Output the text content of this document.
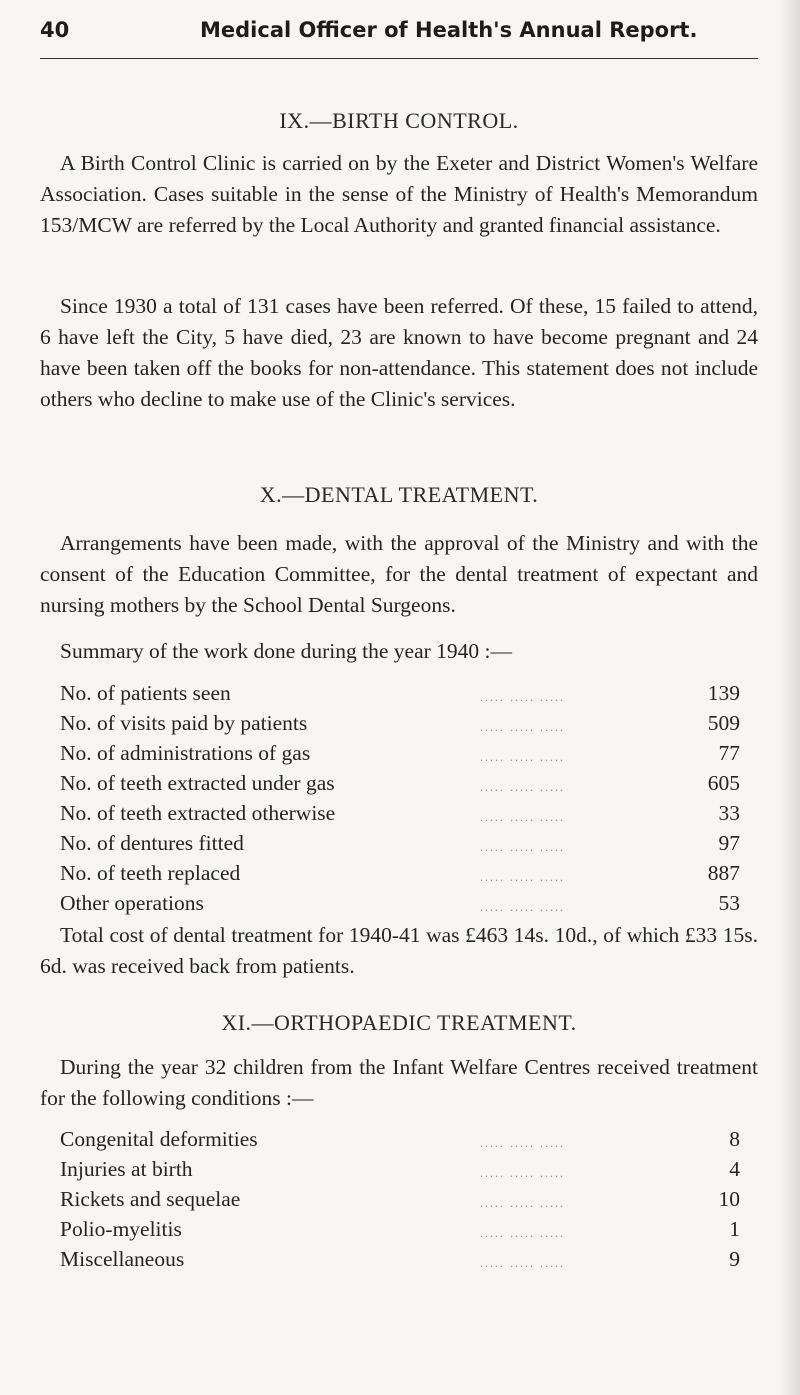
40	Medical Officer of Health's Annual Report.
IX.—BIRTH CONTROL.
A Birth Control Clinic is carried on by the Exeter and District Women's Welfare Association. Cases suitable in the sense of the Ministry of Health's Memorandum 153/MCW are referred by the Local Authority and granted financial assistance.
Since 1930 a total of 131 cases have been referred. Of these, 15 failed to attend, 6 have left the City, 5 have died, 23 are known to have become pregnant and 24 have been taken off the books for non-attendance. This statement does not include others who decline to make use of the Clinic's services.
X.—DENTAL TREATMENT.
Arrangements have been made, with the approval of the Ministry and with the consent of the Education Committee, for the dental treatment of expectant and nursing mothers by the School Dental Surgeons.
Summary of the work done during the year 1940 :—
No. of patients seen	..... ..... .....	139
No. of visits paid by patients	..... ..... .....	509
No. of administrations of gas	..... ..... .....	77
No. of teeth extracted under gas	..... ..... .....	605
No. of teeth extracted otherwise	..... ..... .....	33
No. of dentures fitted	..... ..... .....	97
No. of teeth replaced	..... ..... .....	887
Other operations	..... ..... .....	53
Total cost of dental treatment for 1940-41 was £463 14s. 10d., of which £33 15s. 6d. was received back from patients.
XI.—ORTHOPAEDIC TREATMENT.
During the year 32 children from the Infant Welfare Centres received treatment for the following conditions :—
Congenital deformities	..... ..... .....	8
Injuries at birth	..... ..... .....	4
Rickets and sequelae	..... ..... .....	10
Polio-myelitis	..... ..... .....	1
Miscellaneous	..... ..... .....	9
